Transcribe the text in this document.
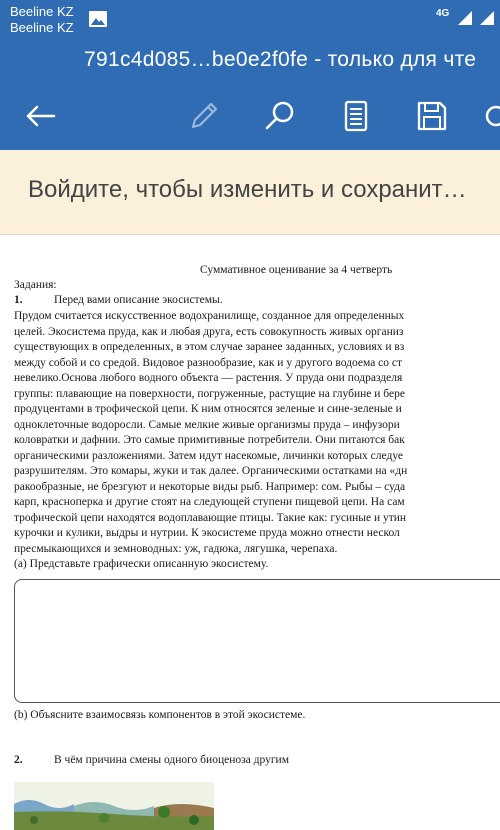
Beeline KZ
Beeline KZ
4G
791c4d085…be0e2f0fe - только для чте
Войдите, чтобы изменить и сохранит…
Суммативное оценивание за 4 четверть
Задания:
1.	Перед вами описание экосистемы.
Прудом считается искусственное водохранилище, созданное для определенных
целей. Экосистема пруда, как и любая друга, есть совокупность живых организ
существующих в определенных, в этом случае заранее заданных, условиях и вз
между собой и со средой. Видовое разнообразие, как и у другого водоема со ст
невелико.Основа любого водного объекта — растения. У пруда они подразделя
группы: плавающие на поверхности, погруженные, растущие на глубине и бере
продуцентами в трофической цепи. К ним относятся зеленые и сине-зеленые и
одноклеточные водоросли. Самые мелкие живые организмы пруда – инфузори
коловратки и дафнии. Это самые примитивные потребители. Они питаются бак
органическими разложениями. Затем идут насекомые, личинки которых следуе
разрушителям. Это комары, жуки и так далее. Органическими остатками на «дн
ракообразные, не брезгуют и некоторые виды рыб. Например: сом. Рыбы – суда
карп, красноперка и другие стоят на следующей ступени пищевой цепи. На сам
трофической цепи находятся водоплавающие птицы. Такие как: гусиные и утин
курочки и кулики, выдры и нутрии. К экосистеме пруда можно отнести нескол
пресмыкающихся и земноводных: уж, гадюка, лягушка, черепаха.
(a) Представьте графически описанную экосистему.
(b) Объясните взаимосвязь компонентов в этой экосистеме.
2.	В чём причина смены одного биоценоза другим
